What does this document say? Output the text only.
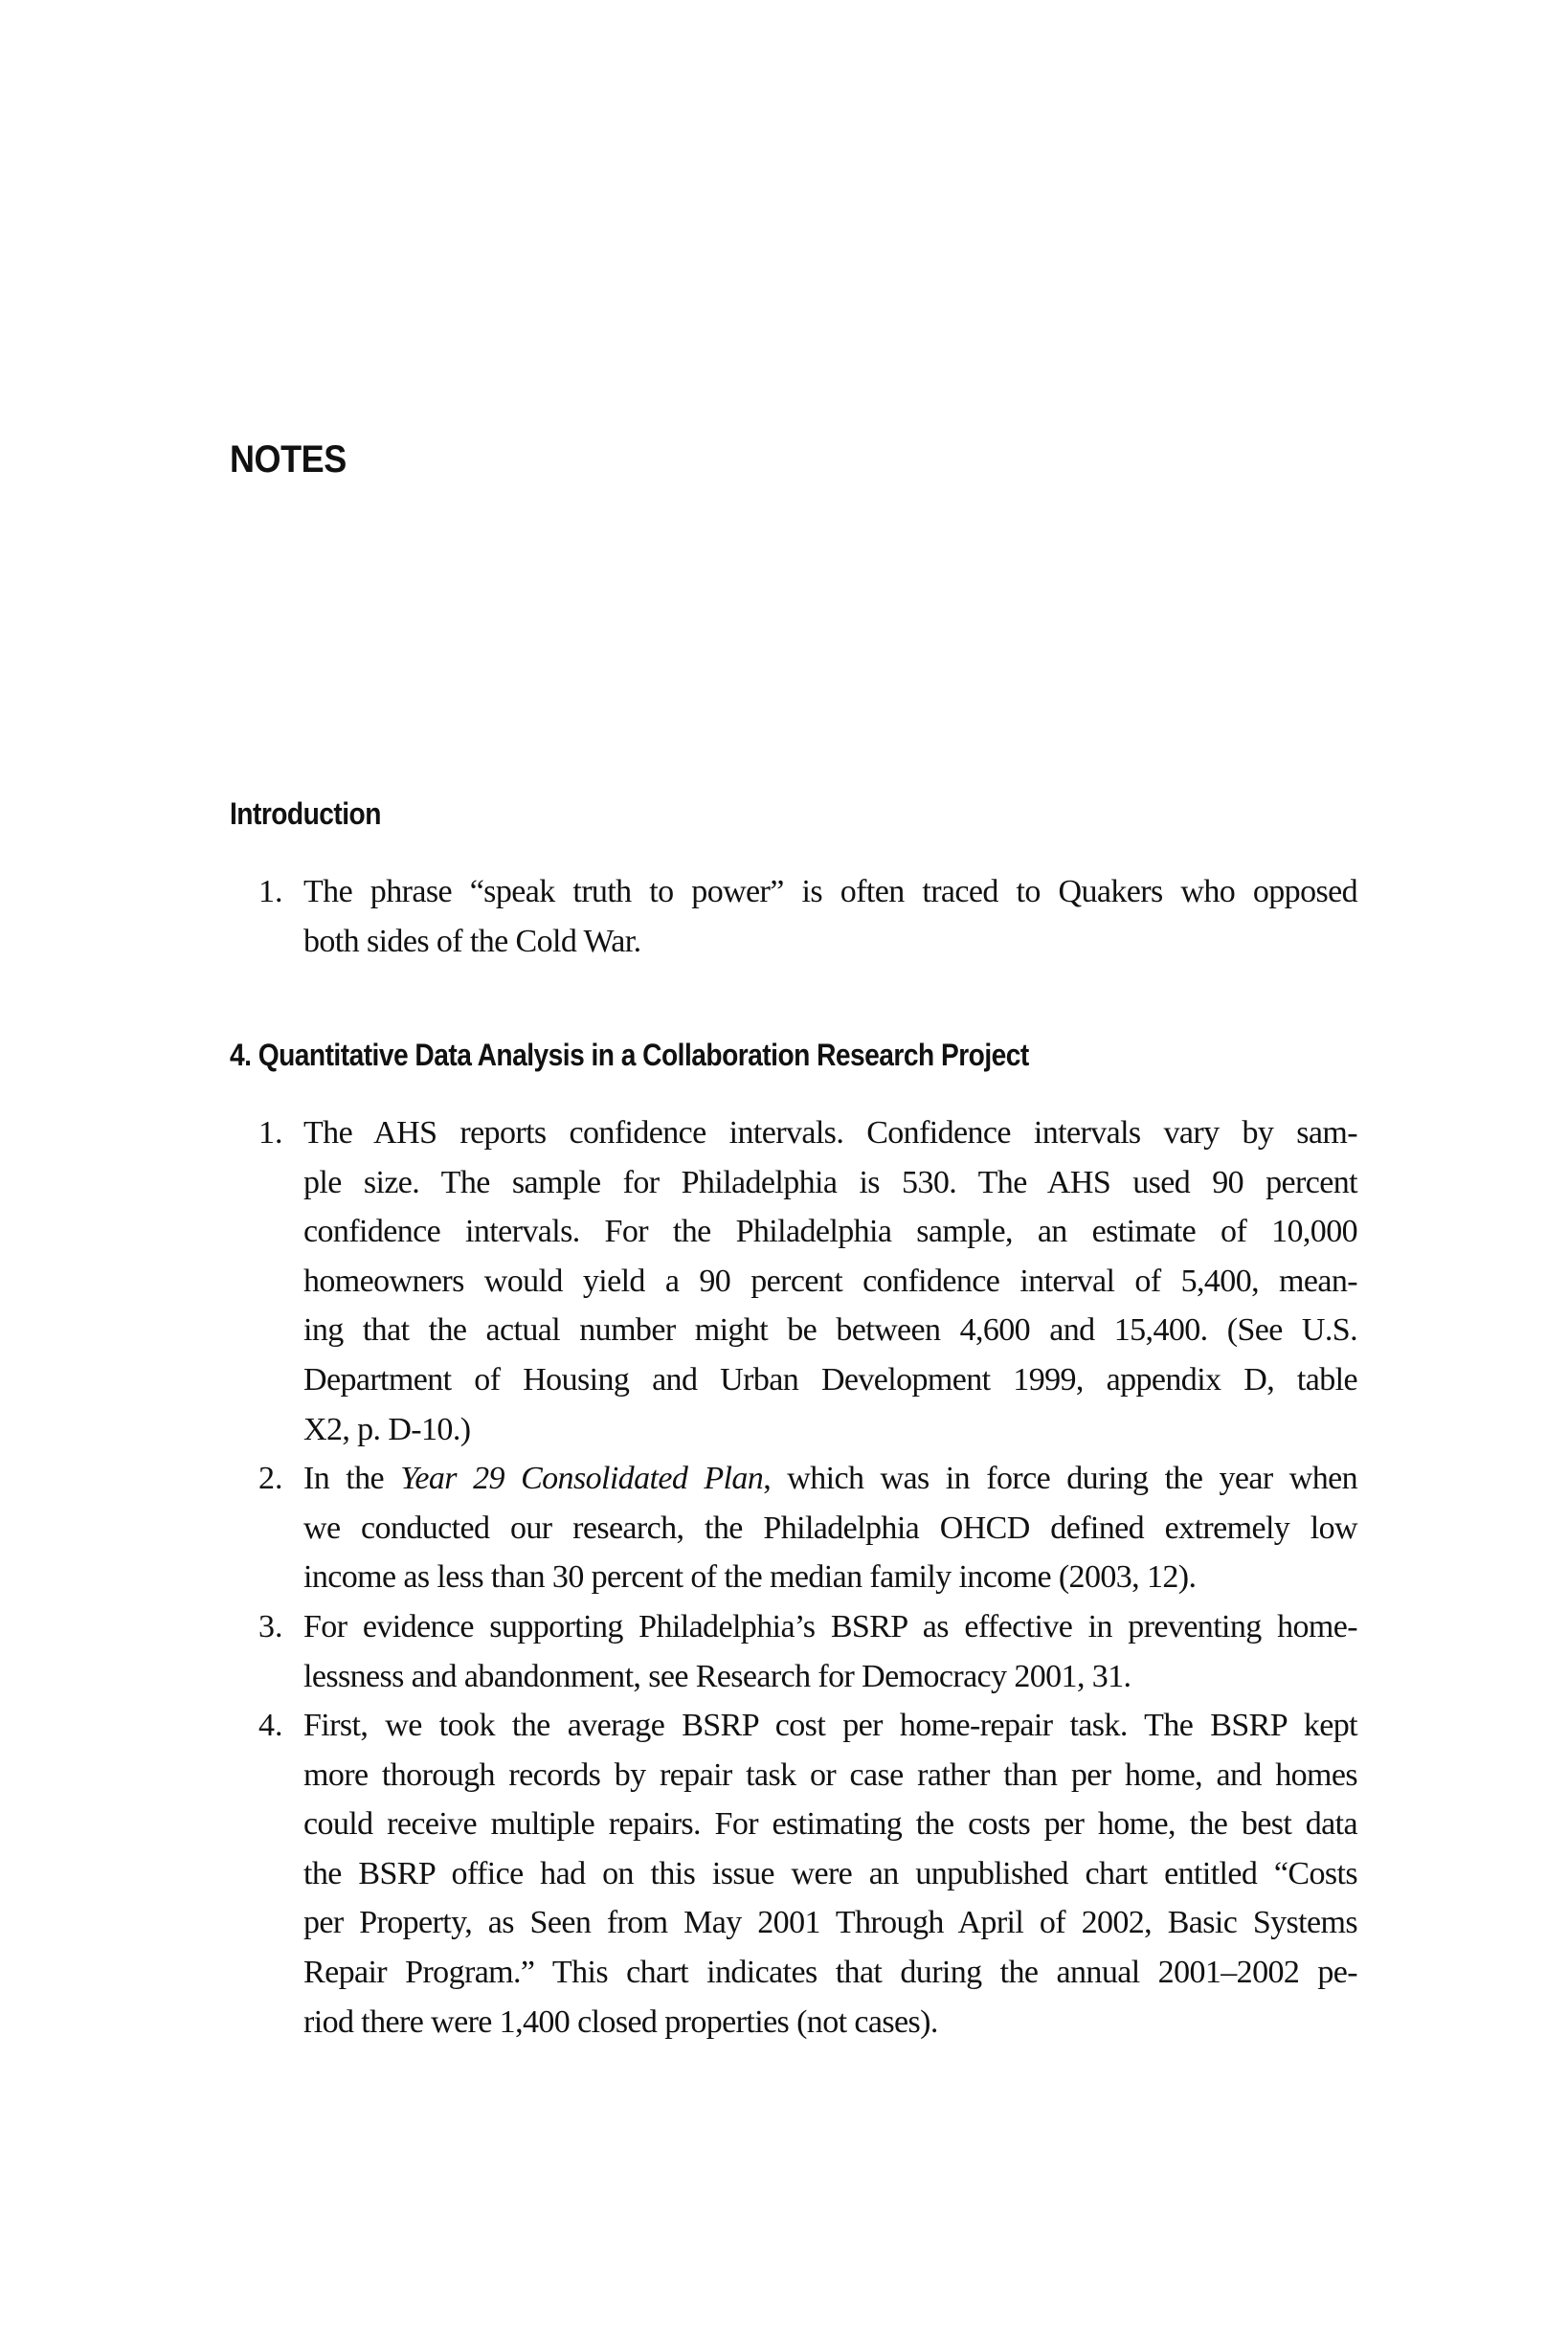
NOTES
Introduction
1. The phrase “speak truth to power” is often traced to Quakers who opposed
both sides of the Cold War.
4. Quantitative Data Analysis in a Collaboration Research Project
1. The AHS reports confidence intervals. Confidence intervals vary by sam-
ple size. The sample for Philadelphia is 530. The AHS used 90 percent
confidence intervals. For the Philadelphia sample, an estimate of 10,000
homeowners would yield a 90 percent confidence interval of 5,400, mean-
ing that the actual number might be between 4,600 and 15,400. (See U.S.
Department of Housing and Urban Development 1999, appendix D, table
X2, p. D-10.)
2. In the Year 29 Consolidated Plan, which was in force during the year when
we conducted our research, the Philadelphia OHCD defined extremely low
income as less than 30 percent of the median family income (2003, 12).
3. For evidence supporting Philadelphia’s BSRP as effective in preventing home-
lessness and abandonment, see Research for Democracy 2001, 31.
4. First, we took the average BSRP cost per home-repair task. The BSRP kept
more thorough records by repair task or case rather than per home, and homes
could receive multiple repairs. For estimating the costs per home, the best data
the BSRP office had on this issue were an unpublished chart entitled “Costs
per Property, as Seen from May 2001 Through April of 2002, Basic Systems
Repair Program.” This chart indicates that during the annual 2001–2002 pe-
riod there were 1,400 closed properties (not cases).
